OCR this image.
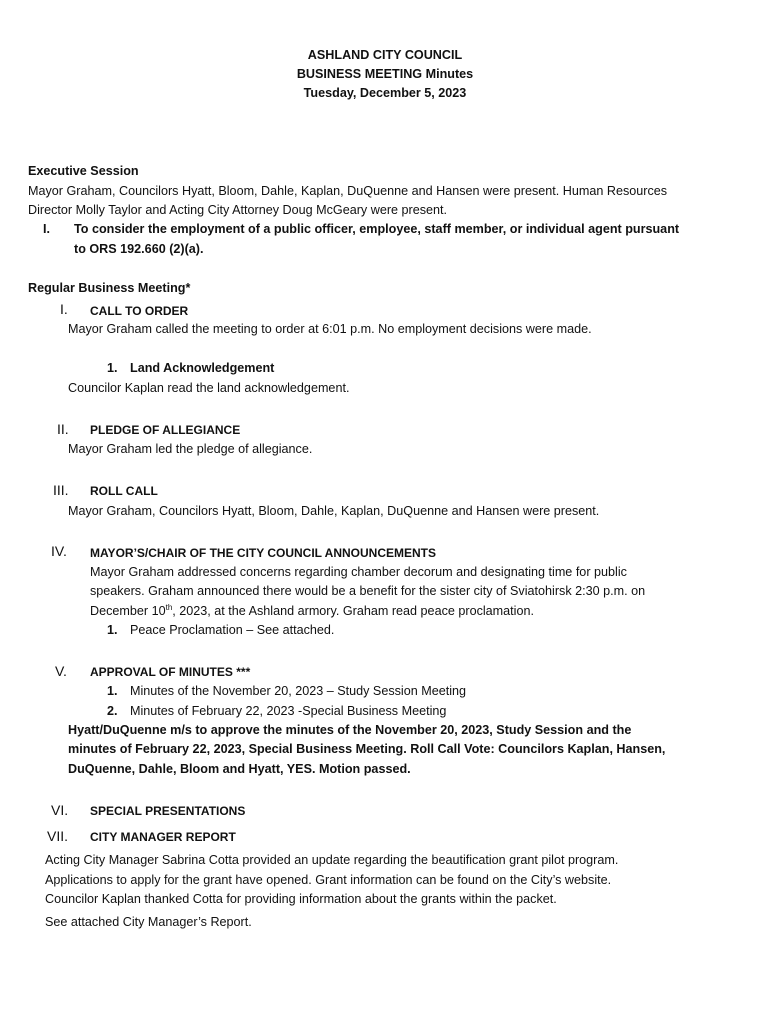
ASHLAND CITY COUNCIL
BUSINESS MEETING Minutes
Tuesday, December 5, 2023
Executive Session
Mayor Graham, Councilors Hyatt, Bloom, Dahle, Kaplan, DuQuenne and Hansen were present. Human Resources
Director Molly Taylor and Acting City Attorney Doug McGeary were present.
I. To consider the employment of a public officer, employee, staff member, or individual agent pursuant
to ORS 192.660 (2)(a).
Regular Business Meeting*
I. CALL TO ORDER
Mayor Graham called the meeting to order at 6:01 p.m. No employment decisions were made.
1. Land Acknowledgement
Councilor Kaplan read the land acknowledgement.
II. PLEDGE OF ALLEGIANCE
Mayor Graham led the pledge of allegiance.
III. ROLL CALL
Mayor Graham, Councilors Hyatt, Bloom, Dahle, Kaplan, DuQuenne and Hansen were present.
IV. MAYOR’S/CHAIR OF THE CITY COUNCIL ANNOUNCEMENTS
Mayor Graham addressed concerns regarding chamber decorum and designating time for public
speakers. Graham announced there would be a benefit for the sister city of Sviatohirsk 2:30 p.m. on
December 10th, 2023, at the Ashland armory. Graham read peace proclamation.
1. Peace Proclamation – See attached.
V. APPROVAL OF MINUTES ***
1. Minutes of the November 20, 2023 – Study Session Meeting
2. Minutes of February 22, 2023 -Special Business Meeting
Hyatt/DuQuenne m/s to approve the minutes of the November 20, 2023, Study Session and the
minutes of February 22, 2023, Special Business Meeting. Roll Call Vote: Councilors Kaplan, Hansen,
DuQuenne, Dahle, Bloom and Hyatt, YES. Motion passed.
VI. SPECIAL PRESENTATIONS
VII. CITY MANAGER REPORT
Acting City Manager Sabrina Cotta provided an update regarding the beautification grant pilot program.
Applications to apply for the grant have opened. Grant information can be found on the City’s website.
Councilor Kaplan thanked Cotta for providing information about the grants within the packet.
See attached City Manager’s Report.
